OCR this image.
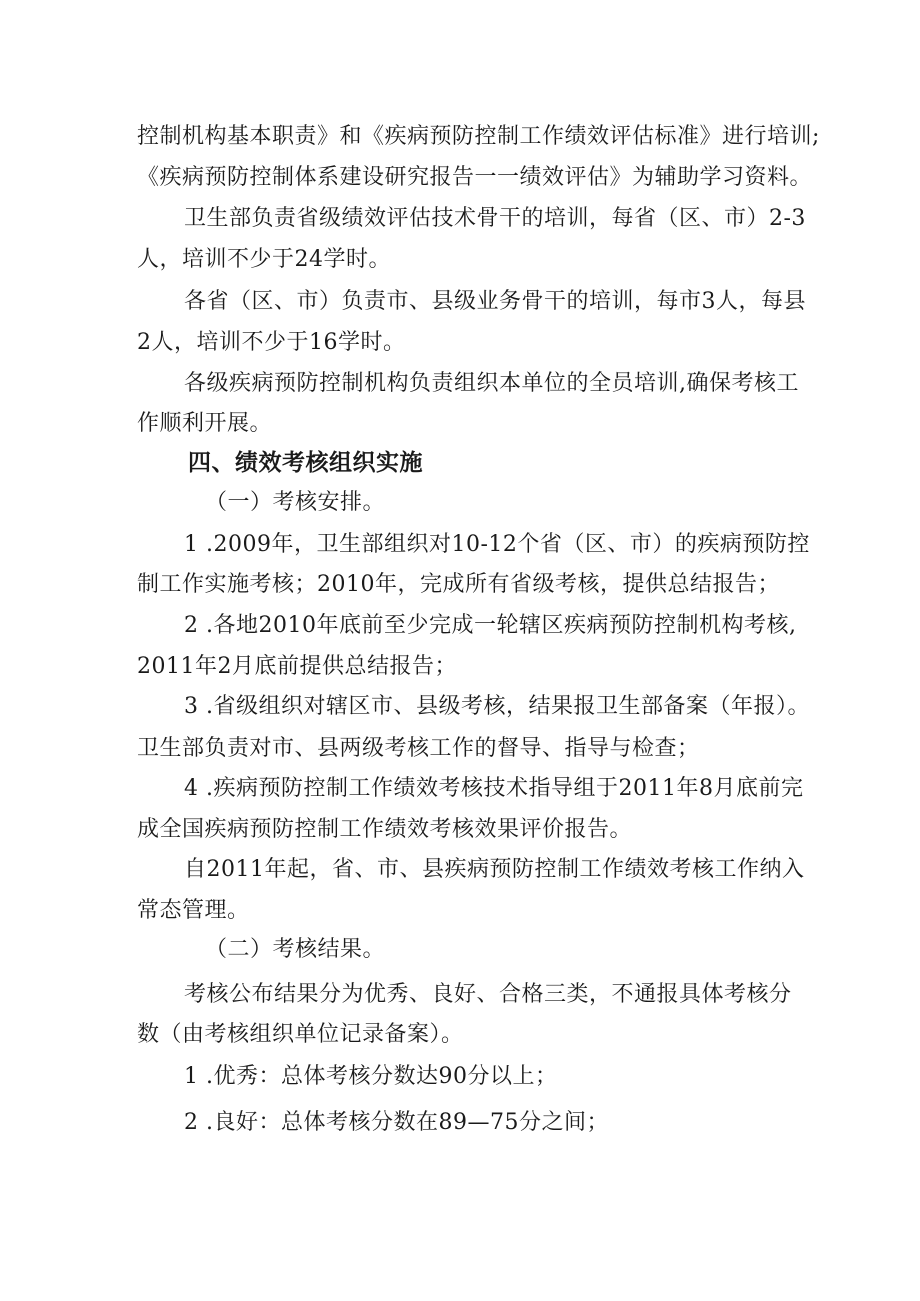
控制机构基本职责》和《疾病预防控制工作绩效评估标准》进行培训;
《疾病预防控制体系建设研究报告一一绩效评估》为辅助学习资料。
卫生部负责省级绩效评估技术骨干的培训，每省（区、市）2-3
人，培训不少于24学时。
各省（区、市）负责市、县级业务骨干的培训，每市3人，每县
2人，培训不少于16学时。
各级疾病预防控制机构负责组织本单位的全员培训,确保考核工
作顺利开展。
四、绩效考核组织实施
（一）考核安排。
1 .2009年，卫生部组织对10-12个省（区、市）的疾病预防控
制工作实施考核；2010年，完成所有省级考核，提供总结报告；
2 .各地2010年底前至少完成一轮辖区疾病预防控制机构考核,
2011年2月底前提供总结报告；
3 .省级组织对辖区市、县级考核，结果报卫生部备案（年报）。
卫生部负责对市、县两级考核工作的督导、指导与检查；
4 .疾病预防控制工作绩效考核技术指导组于2011年8月底前完
成全国疾病预防控制工作绩效考核效果评价报告。
自2011年起，省、市、县疾病预防控制工作绩效考核工作纳入
常态管理。
（二）考核结果。
考核公布结果分为优秀、良好、合格三类，不通报具体考核分
数（由考核组织单位记录备案）。
1 .优秀：总体考核分数达90分以上；
2 .良好：总体考核分数在89—75分之间；
